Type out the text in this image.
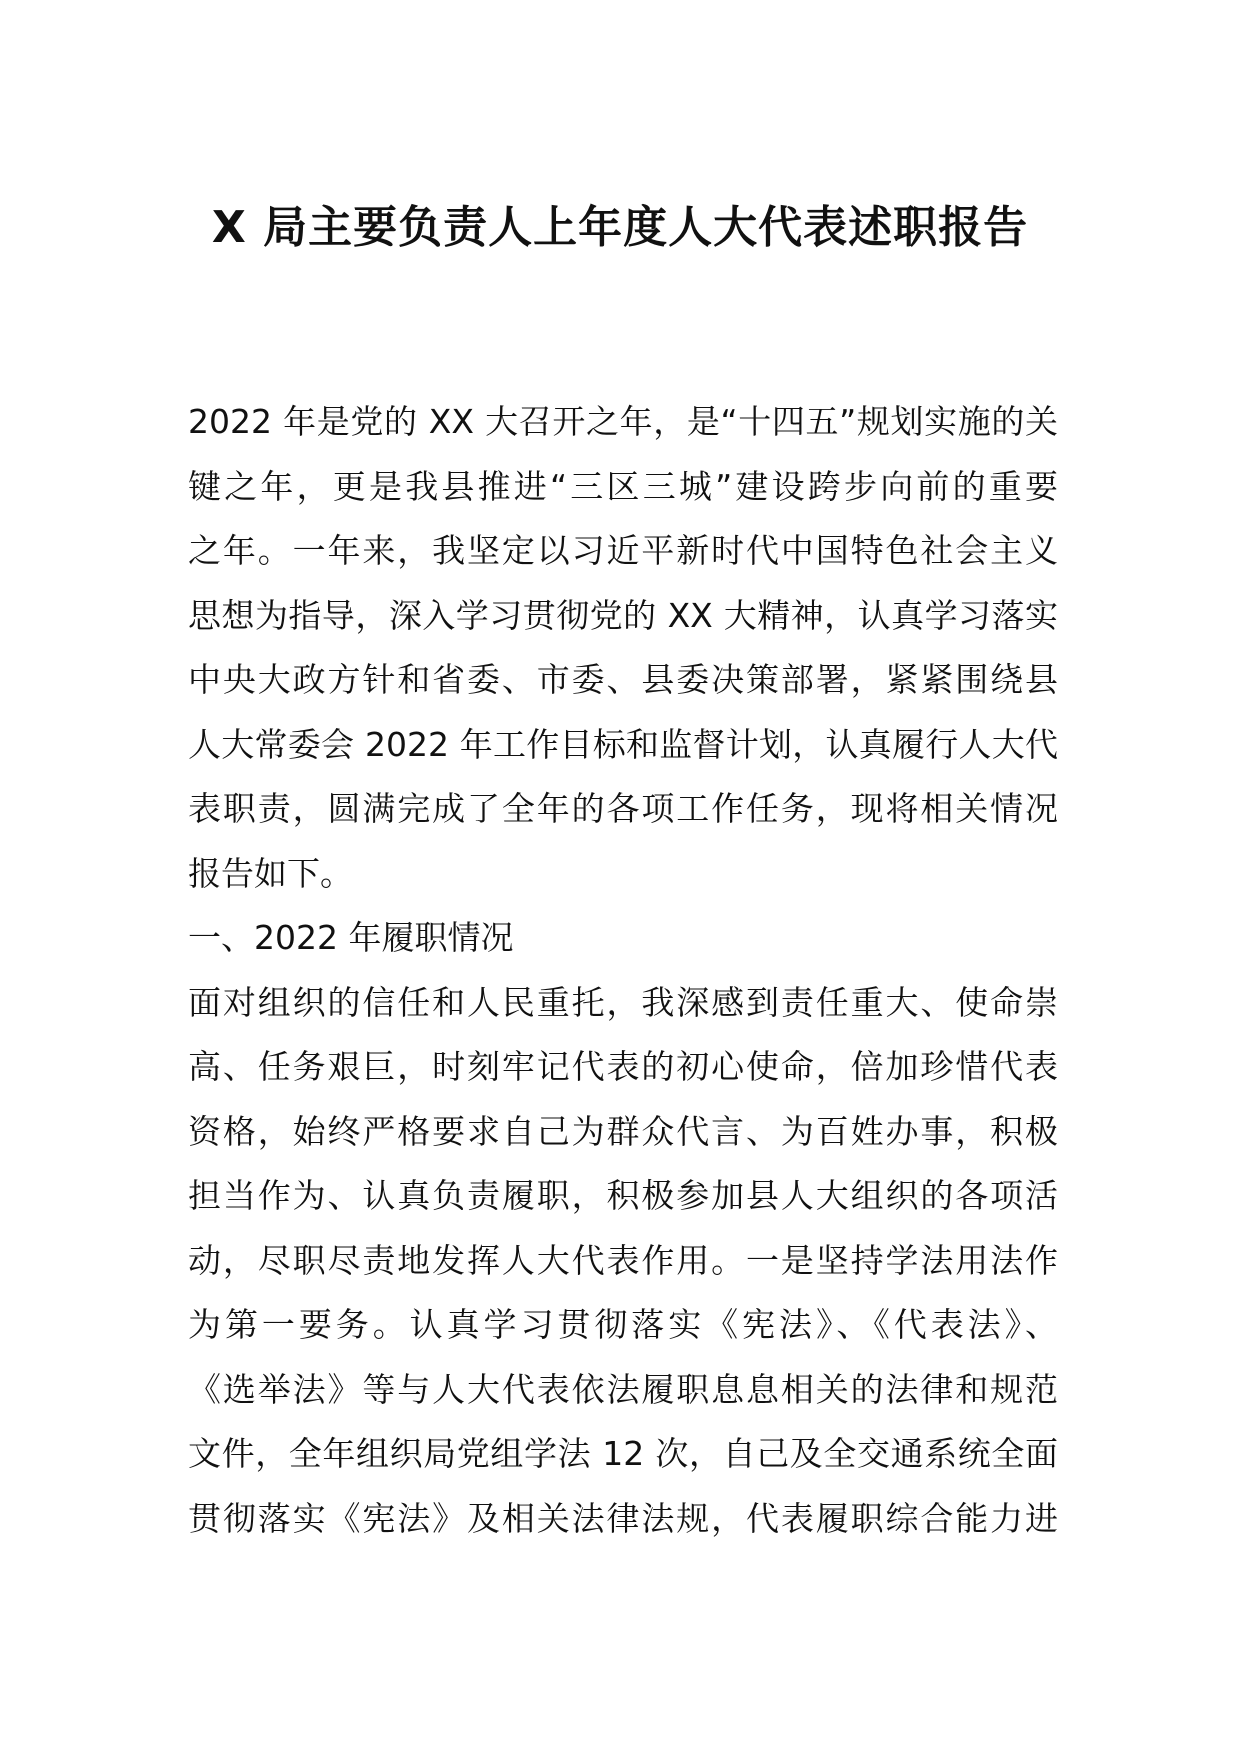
X 局主要负责人上年度人大代表述职报告
2022 年是党的 XX 大召开之年，是“十四五”规划实施的关
键之年，更是我县推进“三区三城”建设跨步向前的重要
之年。一年来，我坚定以习近平新时代中国特色社会主义
思想为指导，深入学习贯彻党的 XX 大精神，认真学习落实
中央大政方针和省委、市委、县委决策部署，紧紧围绕县
人大常委会 2022 年工作目标和监督计划，认真履行人大代
表职责，圆满完成了全年的各项工作任务，现将相关情况
报告如下。
一、2022 年履职情况
面对组织的信任和人民重托，我深感到责任重大、使命崇
高、任务艰巨，时刻牢记代表的初心使命，倍加珍惜代表
资格，始终严格要求自己为群众代言、为百姓办事，积极
担当作为、认真负责履职，积极参加县人大组织的各项活
动，尽职尽责地发挥人大代表作用。一是坚持学法用法作
为第一要务。认真学习贯彻落实《宪法》、《代表法》、
《选举法》等与人大代表依法履职息息相关的法律和规范
文件，全年组织局党组学法 12 次，自己及全交通系统全面
贯彻落实《宪法》及相关法律法规，代表履职综合能力进
